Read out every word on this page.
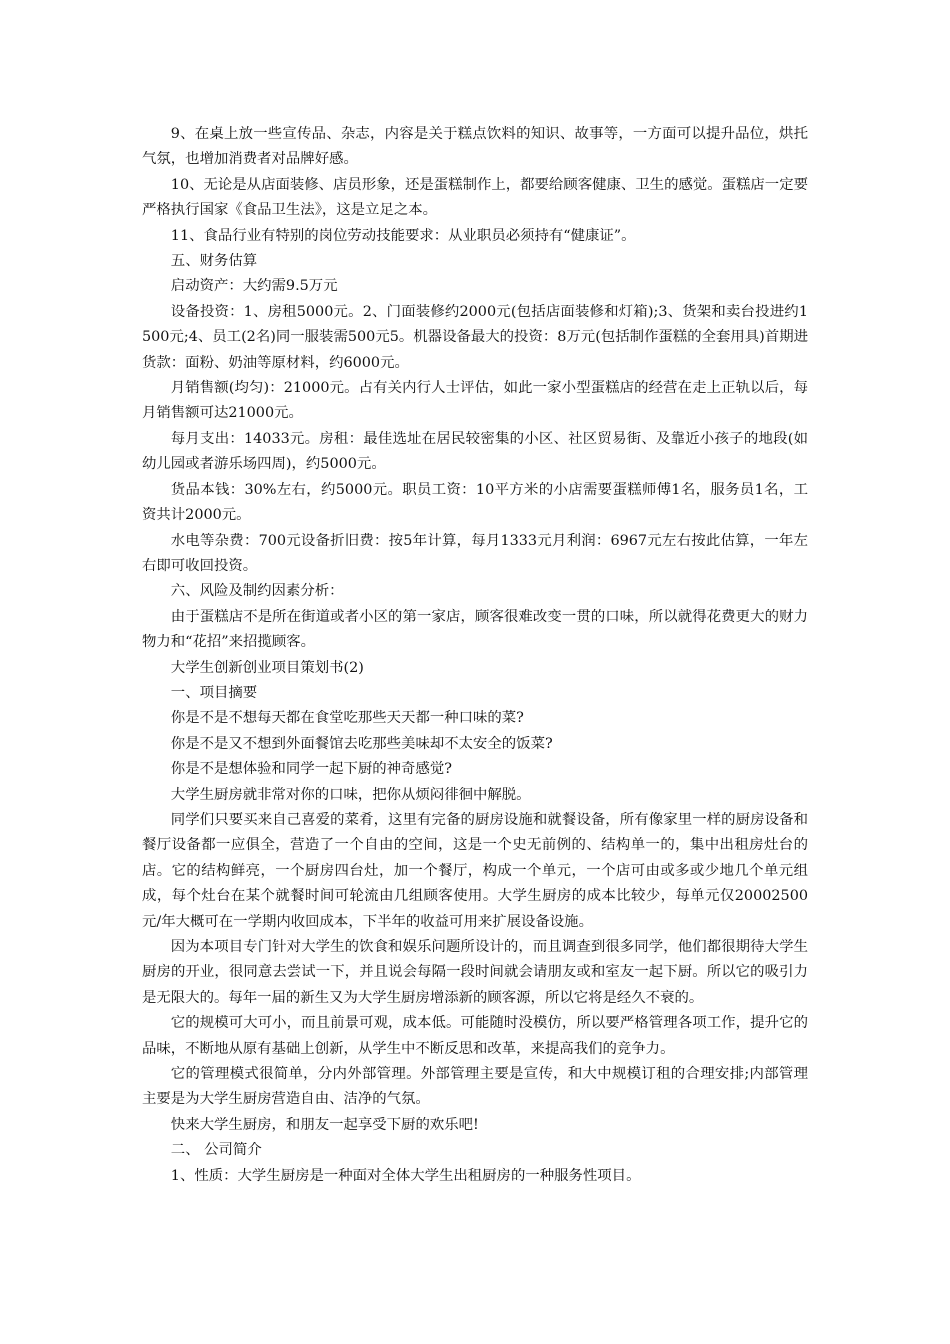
9、在桌上放一些宣传品、杂志，内容是关于糕点饮料的知识、故事等，一方面可以提升品位，烘托气氛，也增加消费者对品牌好感。

10、无论是从店面装修、店员形象，还是蛋糕制作上，都要给顾客健康、卫生的感觉。蛋糕店一定要严格执行国家《食品卫生法》，这是立足之本。

11、食品行业有特别的岗位劳动技能要求：从业职员必须持有“健康证”。

五、财务估算

启动资产：大约需9.5万元

设备投资：1、房租5000元。2、门面装修约2000元(包括店面装修和灯箱);3、货架和卖台投进约1500元;4、员工(2名)同一服装需500元5。机器设备最大的投资：8万元(包括制作蛋糕的全套用具)首期进货款：面粉、奶油等原材料，约6000元。

月销售额(均匀)：21000元。占有关内行人士评估，如此一家小型蛋糕店的经营在走上正轨以后，每月销售额可达21000元。

每月支出：14033元。房租：最佳选址在居民较密集的小区、社区贸易街、及靠近小孩子的地段(如幼儿园或者游乐场四周)，约5000元。

货品本钱：30%左右，约5000元。职员工资：10平方米的小店需要蛋糕师傅1名，服务员1名，工资共计2000元。

水电等杂费：700元设备折旧费：按5年计算，每月1333元月利润：6967元左右按此估算，一年左右即可收回投资。

六、风险及制约因素分析：

由于蛋糕店不是所在街道或者小区的第一家店，顾客很难改变一贯的口味，所以就得花费更大的财力物力和“花招”来招揽顾客。

大学生创新创业项目策划书(2)

一、项目摘要

你是不是不想每天都在食堂吃那些天天都一种口味的菜?

你是不是又不想到外面餐馆去吃那些美味却不太安全的饭菜?

你是不是想体验和同学一起下厨的神奇感觉?

大学生厨房就非常对你的口味，把你从烦闷徘徊中解脱。

同学们只要买来自己喜爱的菜肴，这里有完备的厨房设施和就餐设备，所有像家里一样的厨房设备和餐厅设备都一应俱全，营造了一个自由的空间，这是一个史无前例的、结构单一的，集中出租房灶台的店。它的结构鲜亮，一个厨房四台灶，加一个餐厅，构成一个单元，一个店可由或多或少地几个单元组成，每个灶台在某个就餐时间可轮流由几组顾客使用。大学生厨房的成本比较少，每单元仅20002500元/年大概可在一学期内收回成本，下半年的收益可用来扩展设备设施。

因为本项目专门针对大学生的饮食和娱乐问题所设计的，而且调查到很多同学，他们都很期待大学生厨房的开业，很同意去尝试一下，并且说会每隔一段时间就会请朋友或和室友一起下厨。所以它的吸引力是无限大的。每年一届的新生又为大学生厨房增添新的顾客源，所以它将是经久不衰的。

它的规模可大可小，而且前景可观，成本低。可能随时没模仿，所以要严格管理各项工作，提升它的品味，不断地从原有基础上创新，从学生中不断反思和改革，来提高我们的竞争力。

它的管理模式很简单，分内外部管理。外部管理主要是宣传，和大中规模订租的合理安排;内部管理主要是为大学生厨房营造自由、洁净的气氛。

快来大学生厨房，和朋友一起享受下厨的欢乐吧!

二、 公司简介

1、性质：大学生厨房是一种面对全体大学生出租厨房的一种服务性项目。
